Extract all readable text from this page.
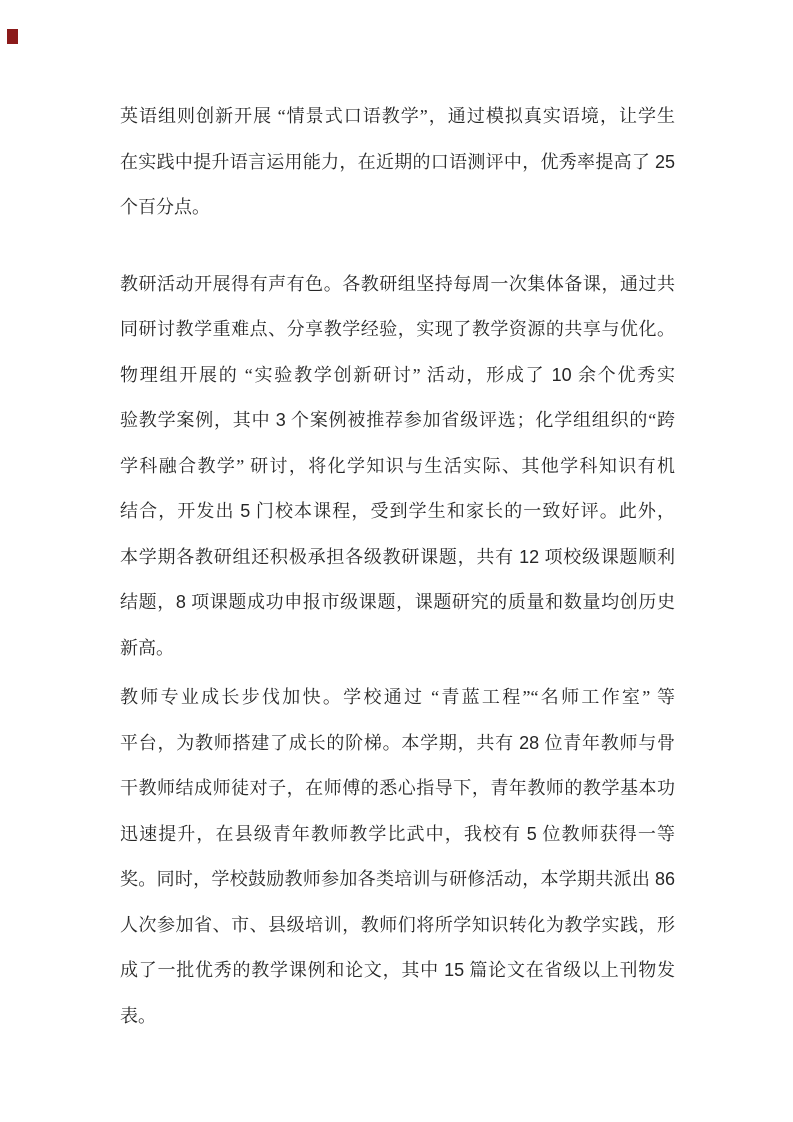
英语组则创新开展 “情景式口语教学”，通过模拟真实语境，让学生
在实践中提升语言运用能力，在近期的口语测评中，优秀率提高了 25
个百分点。
教研活动开展得有声有色。各教研组坚持每周一次集体备课，通过共
同研讨教学重难点、分享教学经验，实现了教学资源的共享与优化。
物理组开展的 “实验教学创新研讨” 活动，形成了 10 余个优秀实
验教学案例，其中 3 个案例被推荐参加省级评选；化学组组织的“跨
学科融合教学” 研讨，将化学知识与生活实际、其他学科知识有机
结合，开发出 5 门校本课程，受到学生和家长的一致好评。此外，
本学期各教研组还积极承担各级教研课题，共有 12 项校级课题顺利
结题，8 项课题成功申报市级课题，课题研究的质量和数量均创历史
新高。
教师专业成长步伐加快。学校通过 “青蓝工程”“名师工作室” 等
平台，为教师搭建了成长的阶梯。本学期，共有 28 位青年教师与骨
干教师结成师徒对子，在师傅的悉心指导下，青年教师的教学基本功
迅速提升，在县级青年教师教学比武中，我校有 5 位教师获得一等
奖。同时，学校鼓励教师参加各类培训与研修活动，本学期共派出 86
人次参加省、市、县级培训，教师们将所学知识转化为教学实践，形
成了一批优秀的教学课例和论文，其中 15 篇论文在省级以上刊物发
表。
